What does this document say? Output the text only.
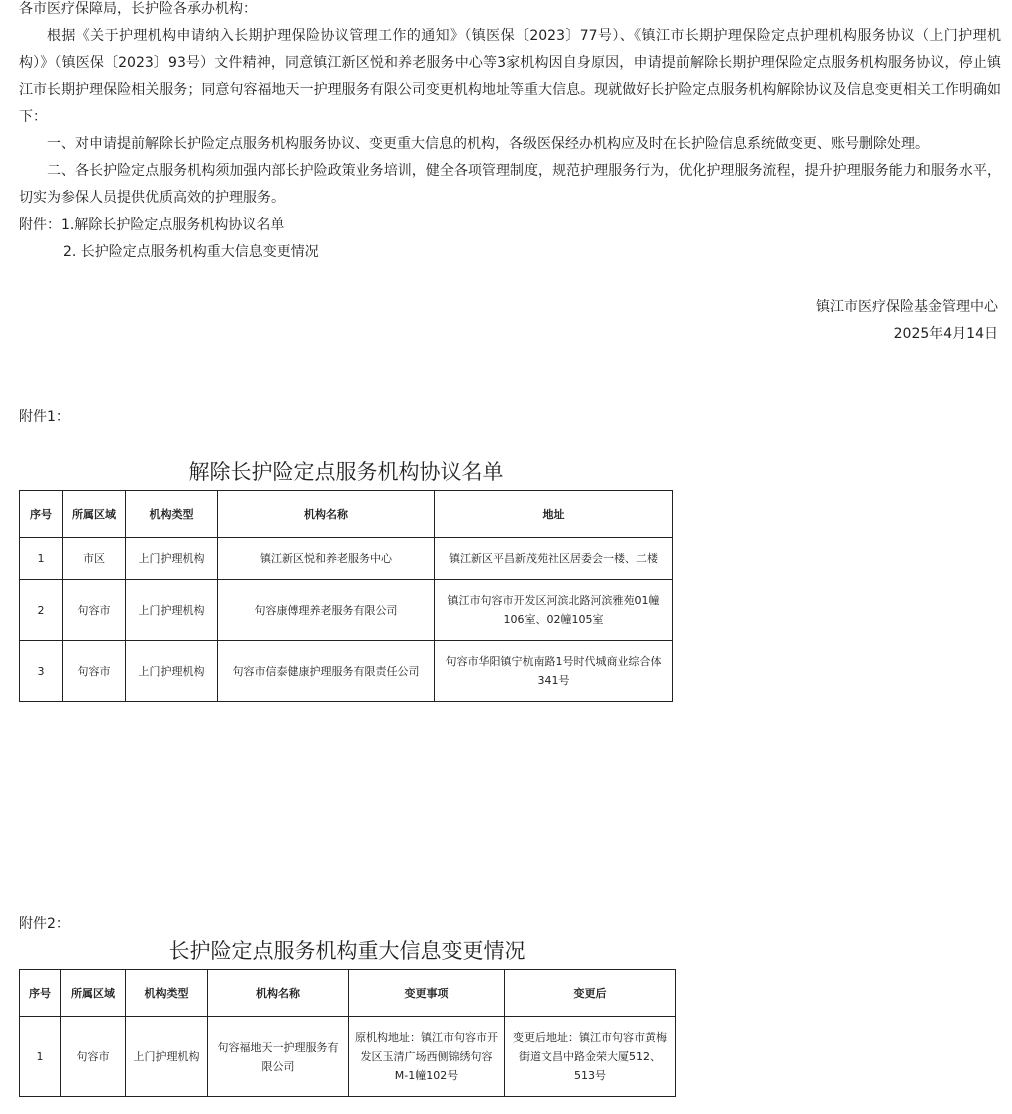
各市医疗保障局，长护险各承办机构：

根据《关于护理机构申请纳入长期护理保险协议管理工作的通知》（镇医保〔2023〕77号）、《镇江市长期护理保险定点护理机构服务协议（上门护理机构）》（镇医保〔2023〕93号）文件精神，同意镇江新区悦和养老服务中心等3家机构因自身原因，申请提前解除长期护理保险定点服务机构服务协议，停止镇江市长期护理保险相关服务；同意句容福地天一护理服务有限公司变更机构地址等重大信息。现就做好长护险定点服务机构解除协议及信息变更相关工作明确如下：

一、对申请提前解除长护险定点服务机构服务协议、变更重大信息的机构，各级医保经办机构应及时在长护险信息系统做变更、账号删除处理。

二、各长护险定点服务机构须加强内部长护险政策业务培训，健全各项管理制度，规范护理服务行为，优化护理服务流程，提升护理服务能力和服务水平，切实为参保人员提供优质高效的护理服务。

附件：1.解除长护险定点服务机构协议名单

2. 长护险定点服务机构重大信息变更情况

镇江市医疗保险基金管理中心

2025年4月14日

附件1：

解除长护险定点服务机构协议名单

序号	所属区域	机构类型	机构名称	地址
1	市区	上门护理机构	镇江新区悦和养老服务中心	镇江新区平昌新茂苑社区居委会一楼、二楼
2	句容市	上门护理机构	句容康傅理养老服务有限公司	镇江市句容市开发区河滨北路河滨雅苑01幢106室、02幢105室
3	句容市	上门护理机构	句容市信泰健康护理服务有限责任公司	句容市华阳镇宁杭南路1号时代城商业综合体341号

附件2：

长护险定点服务机构重大信息变更情况

序号	所属区域	机构类型	机构名称	变更事项	变更后
1	句容市	上门护理机构	句容福地天一护理服务有限公司	原机构地址：镇江市句容市开发区玉清广场西侧锦绣句容M-1幢102号	变更后地址：镇江市句容市黄梅街道文昌中路金荣大厦512、513号
